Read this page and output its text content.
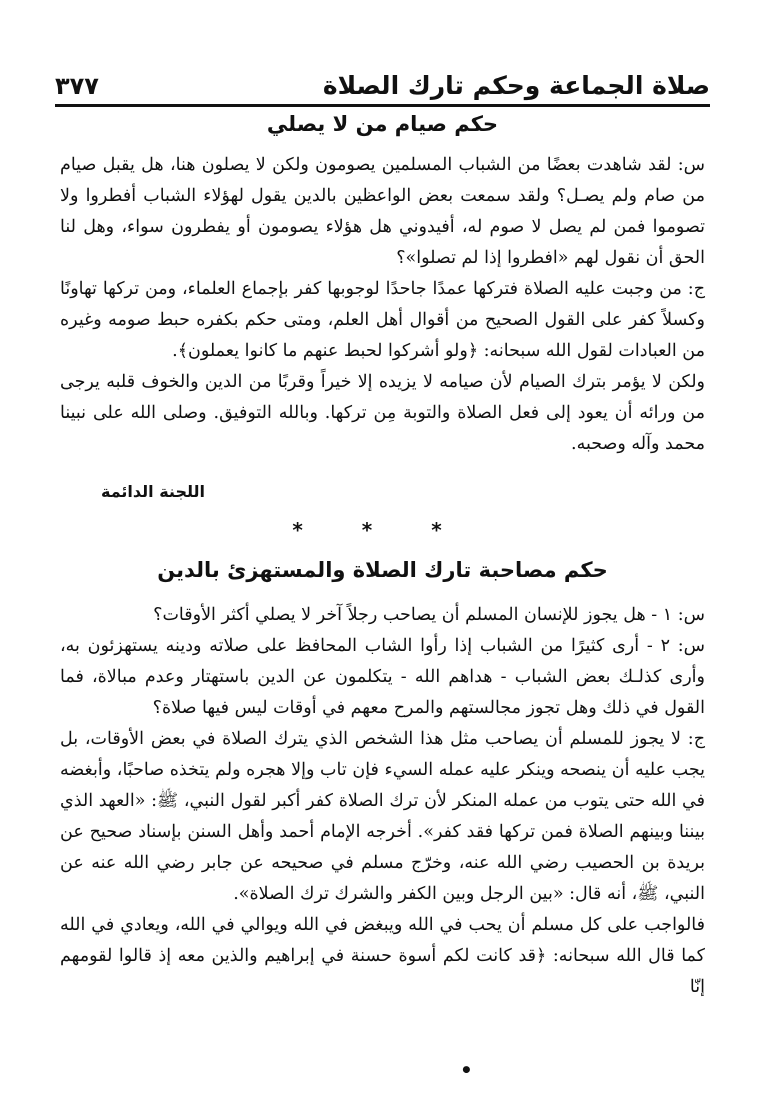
٣٧٧	صلاة الجماعة وحكم تارك الصلاة
حكم صيام من لا يصلي

س: لقد شاهدت بعضًا من الشباب المسلمين يصومون ولكن لا يصلون هنا، هل يقبل صيام من صام ولم يصـل؟ ولقد سمعت بعض الواعظين بالدين يقول لهؤلاء الشباب أفطروا ولا تصوموا فمن لم يصل لا صوم له، أفيدوني هل هؤلاء يصومون أو يفطرون سواء، وهل لنا الحق أن نقول لهم «افطروا إذا لم تصلوا»؟

ج: من وجبت عليه الصلاة فتركها عمدًا جاحدًا لوجوبها كفر بإجماع العلماء، ومن تركها تهاونًا وكسلاً كفر على القول الصحيح من أقوال أهل العلم، ومتى حكم بكفره حبط صومه وغيره من العبادات لقول الله سبحانه: ﴿ولو أشركوا لحبط عنهم ما كانوا يعملون﴾.

ولكن لا يؤمر بترك الصيام لأن صيامه لا يزيده إلا خيراً وقربًا من الدين والخوف قلبه يرجى من ورائه أن يعود إلى فعل الصلاة والتوبة مِن تركها. وبالله التوفيق. وصلى الله على نبينا محمد وآله وصحبه.

اللجنة الدائمة
* * *
حكم مصاحبة تارك الصلاة والمستهزئ بالدين

س: ١ - هل يجوز للإنسان المسلم أن يصاحب رجلاً آخر لا يصلي أكثر الأوقات؟

س: ٢ - أرى كثيرًا من الشباب إذا رأوا الشاب المحافظ على صلاته ودينه يستهزئون به، وأرى كذلـك بعض الشباب - هداهم الله - يتكلمون عن الدين باستهتار وعدم مبالاة، فما القول في ذلك وهل تجوز مجالستهم والمرح معهم في أوقات ليس فيها صلاة؟

ج: لا يجوز للمسلم أن يصاحب مثل هذا الشخص الذي يترك الصلاة في بعض الأوقات، بل يجب عليه أن ينصحه وينكر عليه عمله السيء فإن تاب وإلا هجره ولم يتخذه صاحبًا، وأبغضه في الله حتى يتوب من عمله المنكر لأن ترك الصلاة كفر أكبر لقول النبي، ﷺ: «العهد الذي بيننا وبينهم الصلاة فمن تركها فقد كفر». أخرجه الإمام أحمد وأهل السنن بإسناد صحيح عن بريدة بن الحصيب رضي الله عنه، وخرّج مسلم في صحيحه عن جابر رضي الله عنه عن النبي، ﷺ، أنه قال: «بين الرجل وبين الكفر والشرك ترك الصلاة».

فالواجب على كل مسلم أن يحب في الله ويبغض في الله ويوالي في الله، ويعادي في الله كما قال الله سبحانه: ﴿قد كانت لكم أسوة حسنة في إبراهيم والذين معه إذ قالوا لقومهم إنّا

•
